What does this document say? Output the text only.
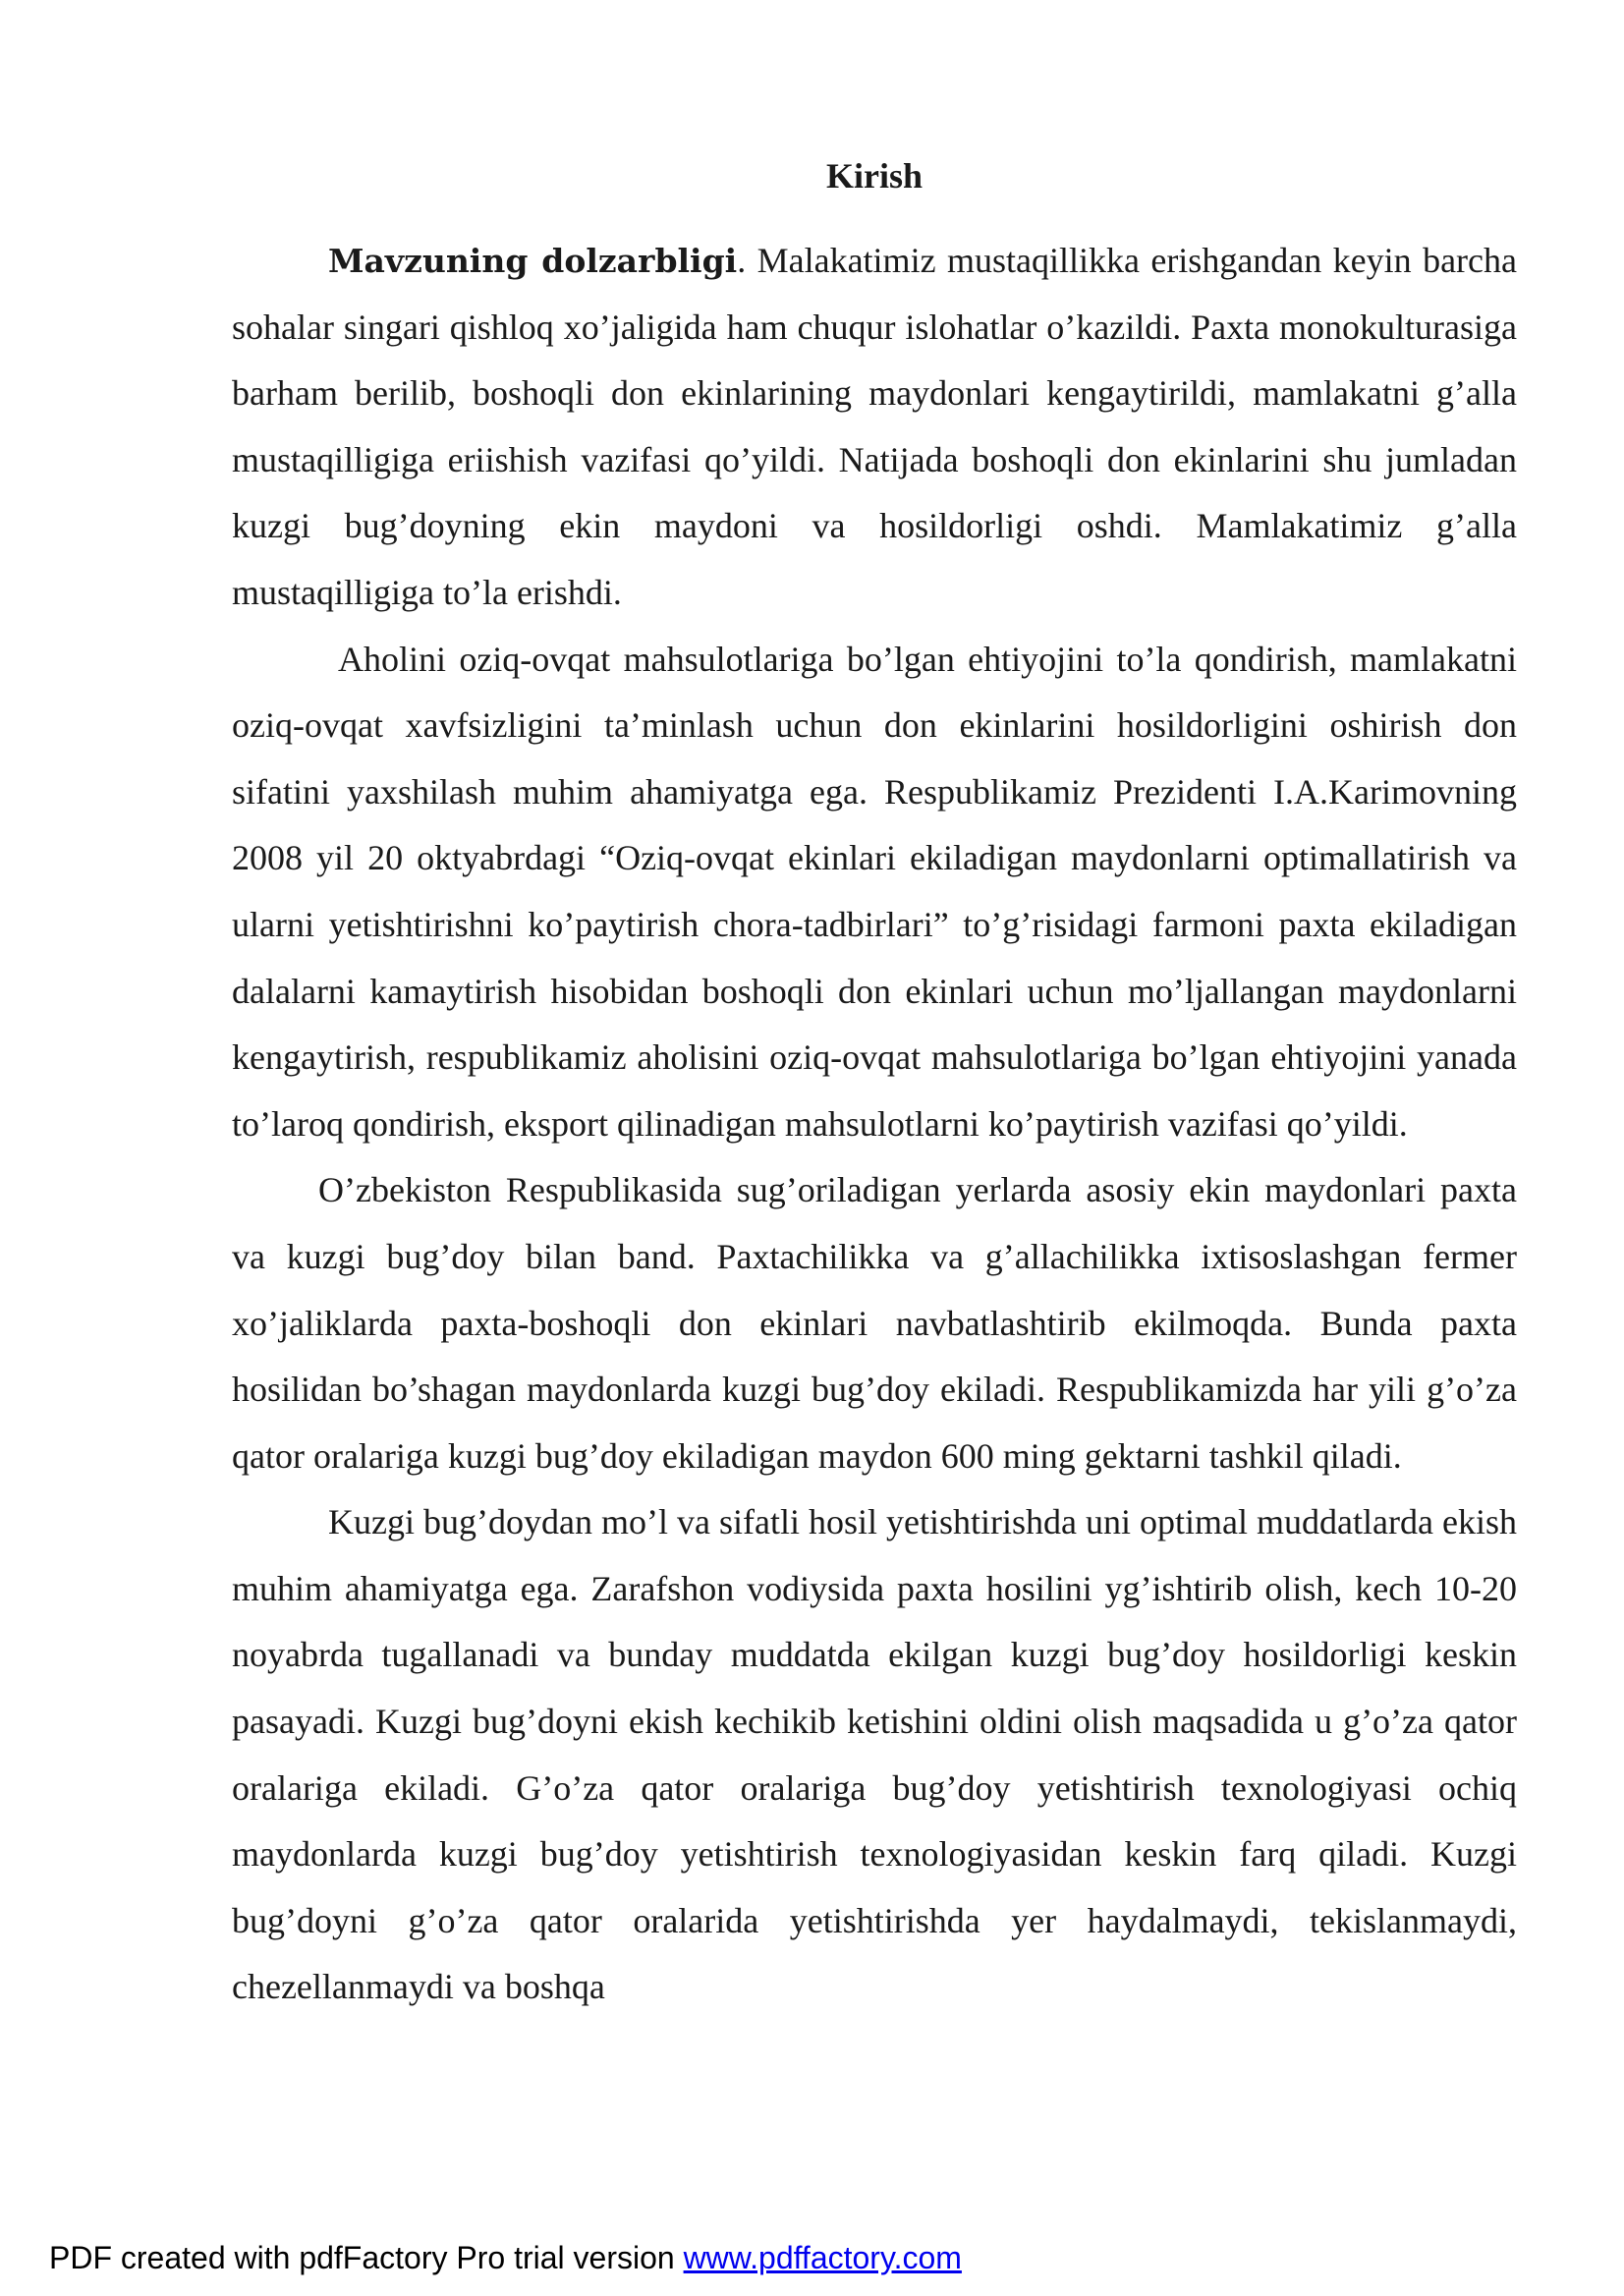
Kirish

Mavzuning dolzarbligi. Malakatimiz mustaqillikka erishgandan keyin barcha sohalar singari qishloq xo’jaligida ham chuqur islohatlar o’kazildi. Paxta monokulturasiga barham berilib, boshoqli don ekinlarining maydonlari kengaytirildi, mamlakatni g’alla mustaqilligiga eriishish vazifasi qo’yildi. Natijada boshoqli don ekinlarini shu jumladan kuzgi bug’doyning ekin maydoni va hosildorligi oshdi. Mamlakatimiz g’alla mustaqilligiga to’la erishdi.

Aholini oziq-ovqat mahsulotlariga bo’lgan ehtiyojini to’la qondirish, mamlakatni oziq-ovqat xavfsizligini ta’minlash uchun don ekinlarini hosildorligini oshirish don sifatini yaxshilash muhim ahamiyatga ega. Respublikamiz Prezidenti I.A.Karimovning 2008 yil 20 oktyabrdagi “Oziq-ovqat ekinlari ekiladigan maydonlarni optimallatirish va ularni yetishtirishni ko’paytirish chora-tadbirlari” to’g’risidagi farmoni paxta ekiladigan dalalarni kamaytirish hisobidan boshoqli don ekinlari uchun mo’ljallangan maydonlarni kengaytirish, respublikamiz aholisini oziq-ovqat mahsulotlariga bo’lgan ehtiyojini yanada to’laroq qondirish, eksport qilinadigan mahsulotlarni ko’paytirish vazifasi qo’yildi.

O’zbekiston Respublikasida sug’oriladigan yerlarda asosiy ekin maydonlari paxta va kuzgi bug’doy bilan band. Paxtachilikka va g’allachilikka ixtisoslashgan fermer xo’jaliklarda paxta-boshoqli don ekinlari navbatlashtirib ekilmoqda. Bunda paxta hosilidan bo’shagan maydonlarda kuzgi bug’doy ekiladi. Respublikamizda har yili g’o’za qator oralariga kuzgi bug’doy ekiladigan maydon 600 ming gektarni tashkil qiladi.

Kuzgi bug’doydan mo’l va sifatli hosil yetishtirishda uni optimal muddatlarda ekish muhim ahamiyatga ega. Zarafshon vodiysida paxta hosilini yg’ishtirib olish, kech 10-20 noyabrda tugallanadi va bunday muddatda ekilgan kuzgi bug’doy hosildorligi keskin pasayadi. Kuzgi bug’doyni ekish kechikib ketishini oldini olish maqsadida u g’o’za qator oralariga ekiladi. G’o’za qator oralariga bug’doy yetishtirish texnologiyasi ochiq maydonlarda kuzgi bug’doy yetishtirish texnologiyasidan keskin farq qiladi. Kuzgi bug’doyni g’o’za qator oralarida yetishtirishda yer haydalmaydi, tekislanmaydi, chezellanmaydi va boshqa

PDF created with pdfFactory Pro trial version www.pdffactory.com
